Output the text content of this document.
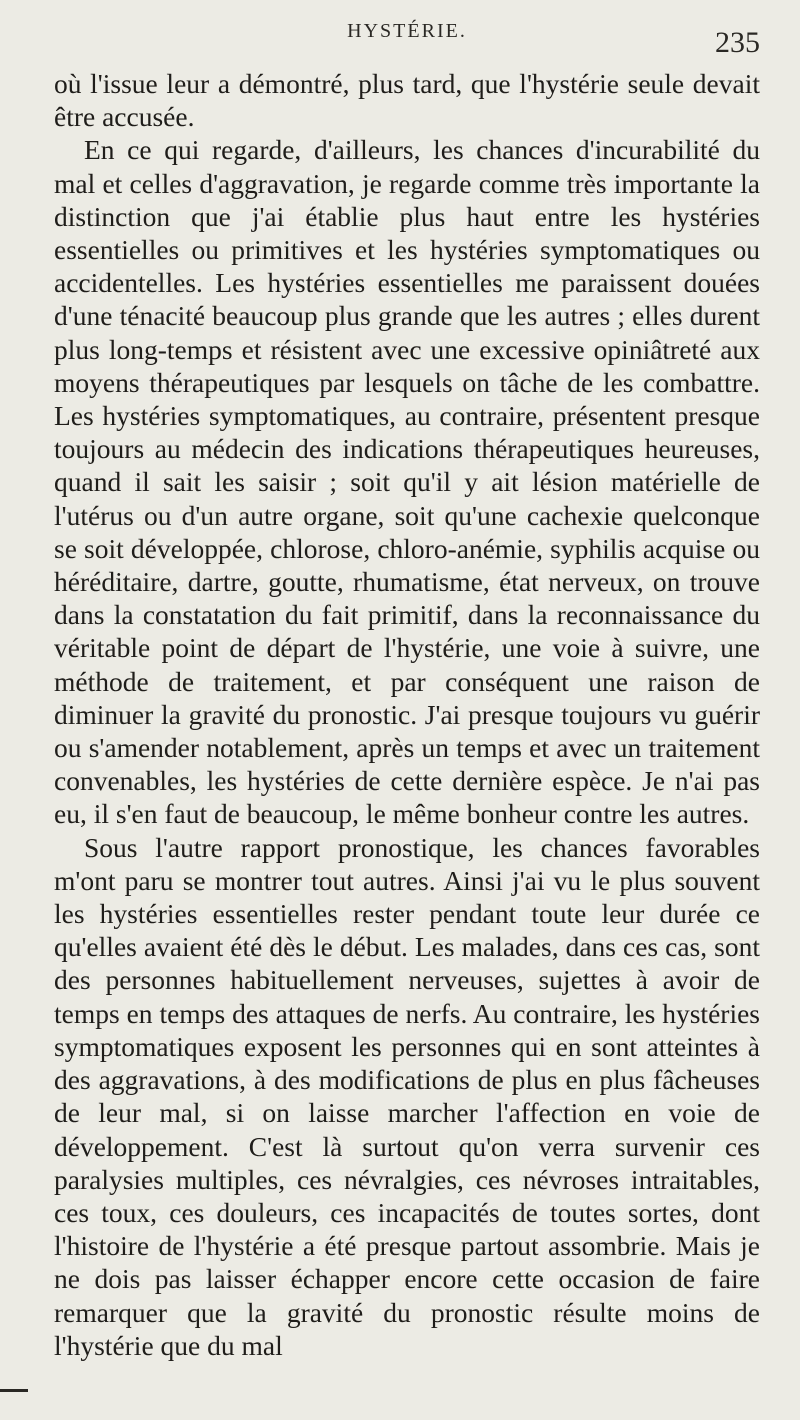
HYSTÉRIE.	235

où l'issue leur a démontré, plus tard, que l'hystérie seule devait être accusée.

En ce qui regarde, d'ailleurs, les chances d'incurabilité du mal et celles d'aggravation, je regarde comme très importante la distinction que j'ai établie plus haut entre les hystéries essentielles ou primitives et les hystéries symptomatiques ou accidentelles. Les hystéries essentielles me paraissent douées d'une ténacité beaucoup plus grande que les autres ; elles durent plus long-temps et résistent avec une excessive opiniâtreté aux moyens thérapeutiques par lesquels on tâche de les combattre. Les hystéries symptomatiques, au contraire, présentent presque toujours au médecin des indications thérapeutiques heureuses, quand il sait les saisir ; soit qu'il y ait lésion matérielle de l'utérus ou d'un autre organe, soit qu'une cachexie quelconque se soit développée, chlorose, chloro-anémie, syphilis acquise ou héréditaire, dartre, goutte, rhumatisme, état nerveux, on trouve dans la constatation du fait primitif, dans la reconnaissance du véritable point de départ de l'hystérie, une voie à suivre, une méthode de traitement, et par conséquent une raison de diminuer la gravité du pronostic. J'ai presque toujours vu guérir ou s'amender notablement, après un temps et avec un traitement convenables, les hystéries de cette dernière espèce. Je n'ai pas eu, il s'en faut de beaucoup, le même bonheur contre les autres.

Sous l'autre rapport pronostique, les chances favorables m'ont paru se montrer tout autres. Ainsi j'ai vu le plus souvent les hystéries essentielles rester pendant toute leur durée ce qu'elles avaient été dès le début. Les malades, dans ces cas, sont des personnes habituellement nerveuses, sujettes à avoir de temps en temps des attaques de nerfs. Au contraire, les hystéries symptomatiques exposent les personnes qui en sont atteintes à des aggravations, à des modifications de plus en plus fâcheuses de leur mal, si on laisse marcher l'affection en voie de développement. C'est là surtout qu'on verra survenir ces paralysies multiples, ces névralgies, ces névroses intraitables, ces toux, ces douleurs, ces incapacités de toutes sortes, dont l'histoire de l'hystérie a été presque partout assombrie. Mais je ne dois pas laisser échapper encore cette occasion de faire remarquer que la gravité du pronostic résulte moins de l'hystérie que du mal
